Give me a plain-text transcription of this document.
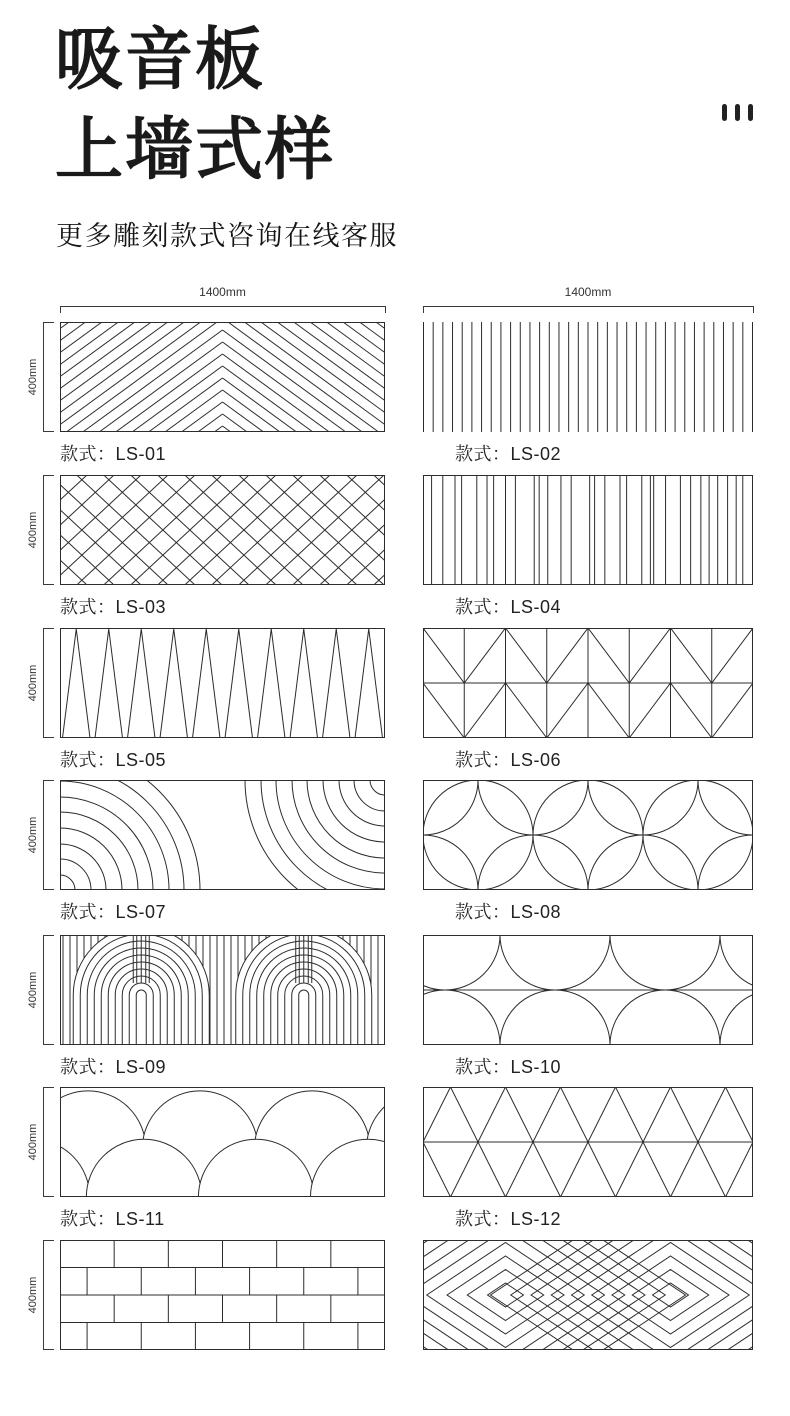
吸音板
上墙式样
更多雕刻款式咨询在线客服
1400mm	1400mm
款式：LS-01	款式：LS-02
款式：LS-03	款式：LS-04
款式：LS-05	款式：LS-06
款式：LS-07	款式：LS-08
款式：LS-09	款式：LS-10
款式：LS-11	款式：LS-12
400mm
400mm
400mm
400mm
400mm
400mm
400mm
